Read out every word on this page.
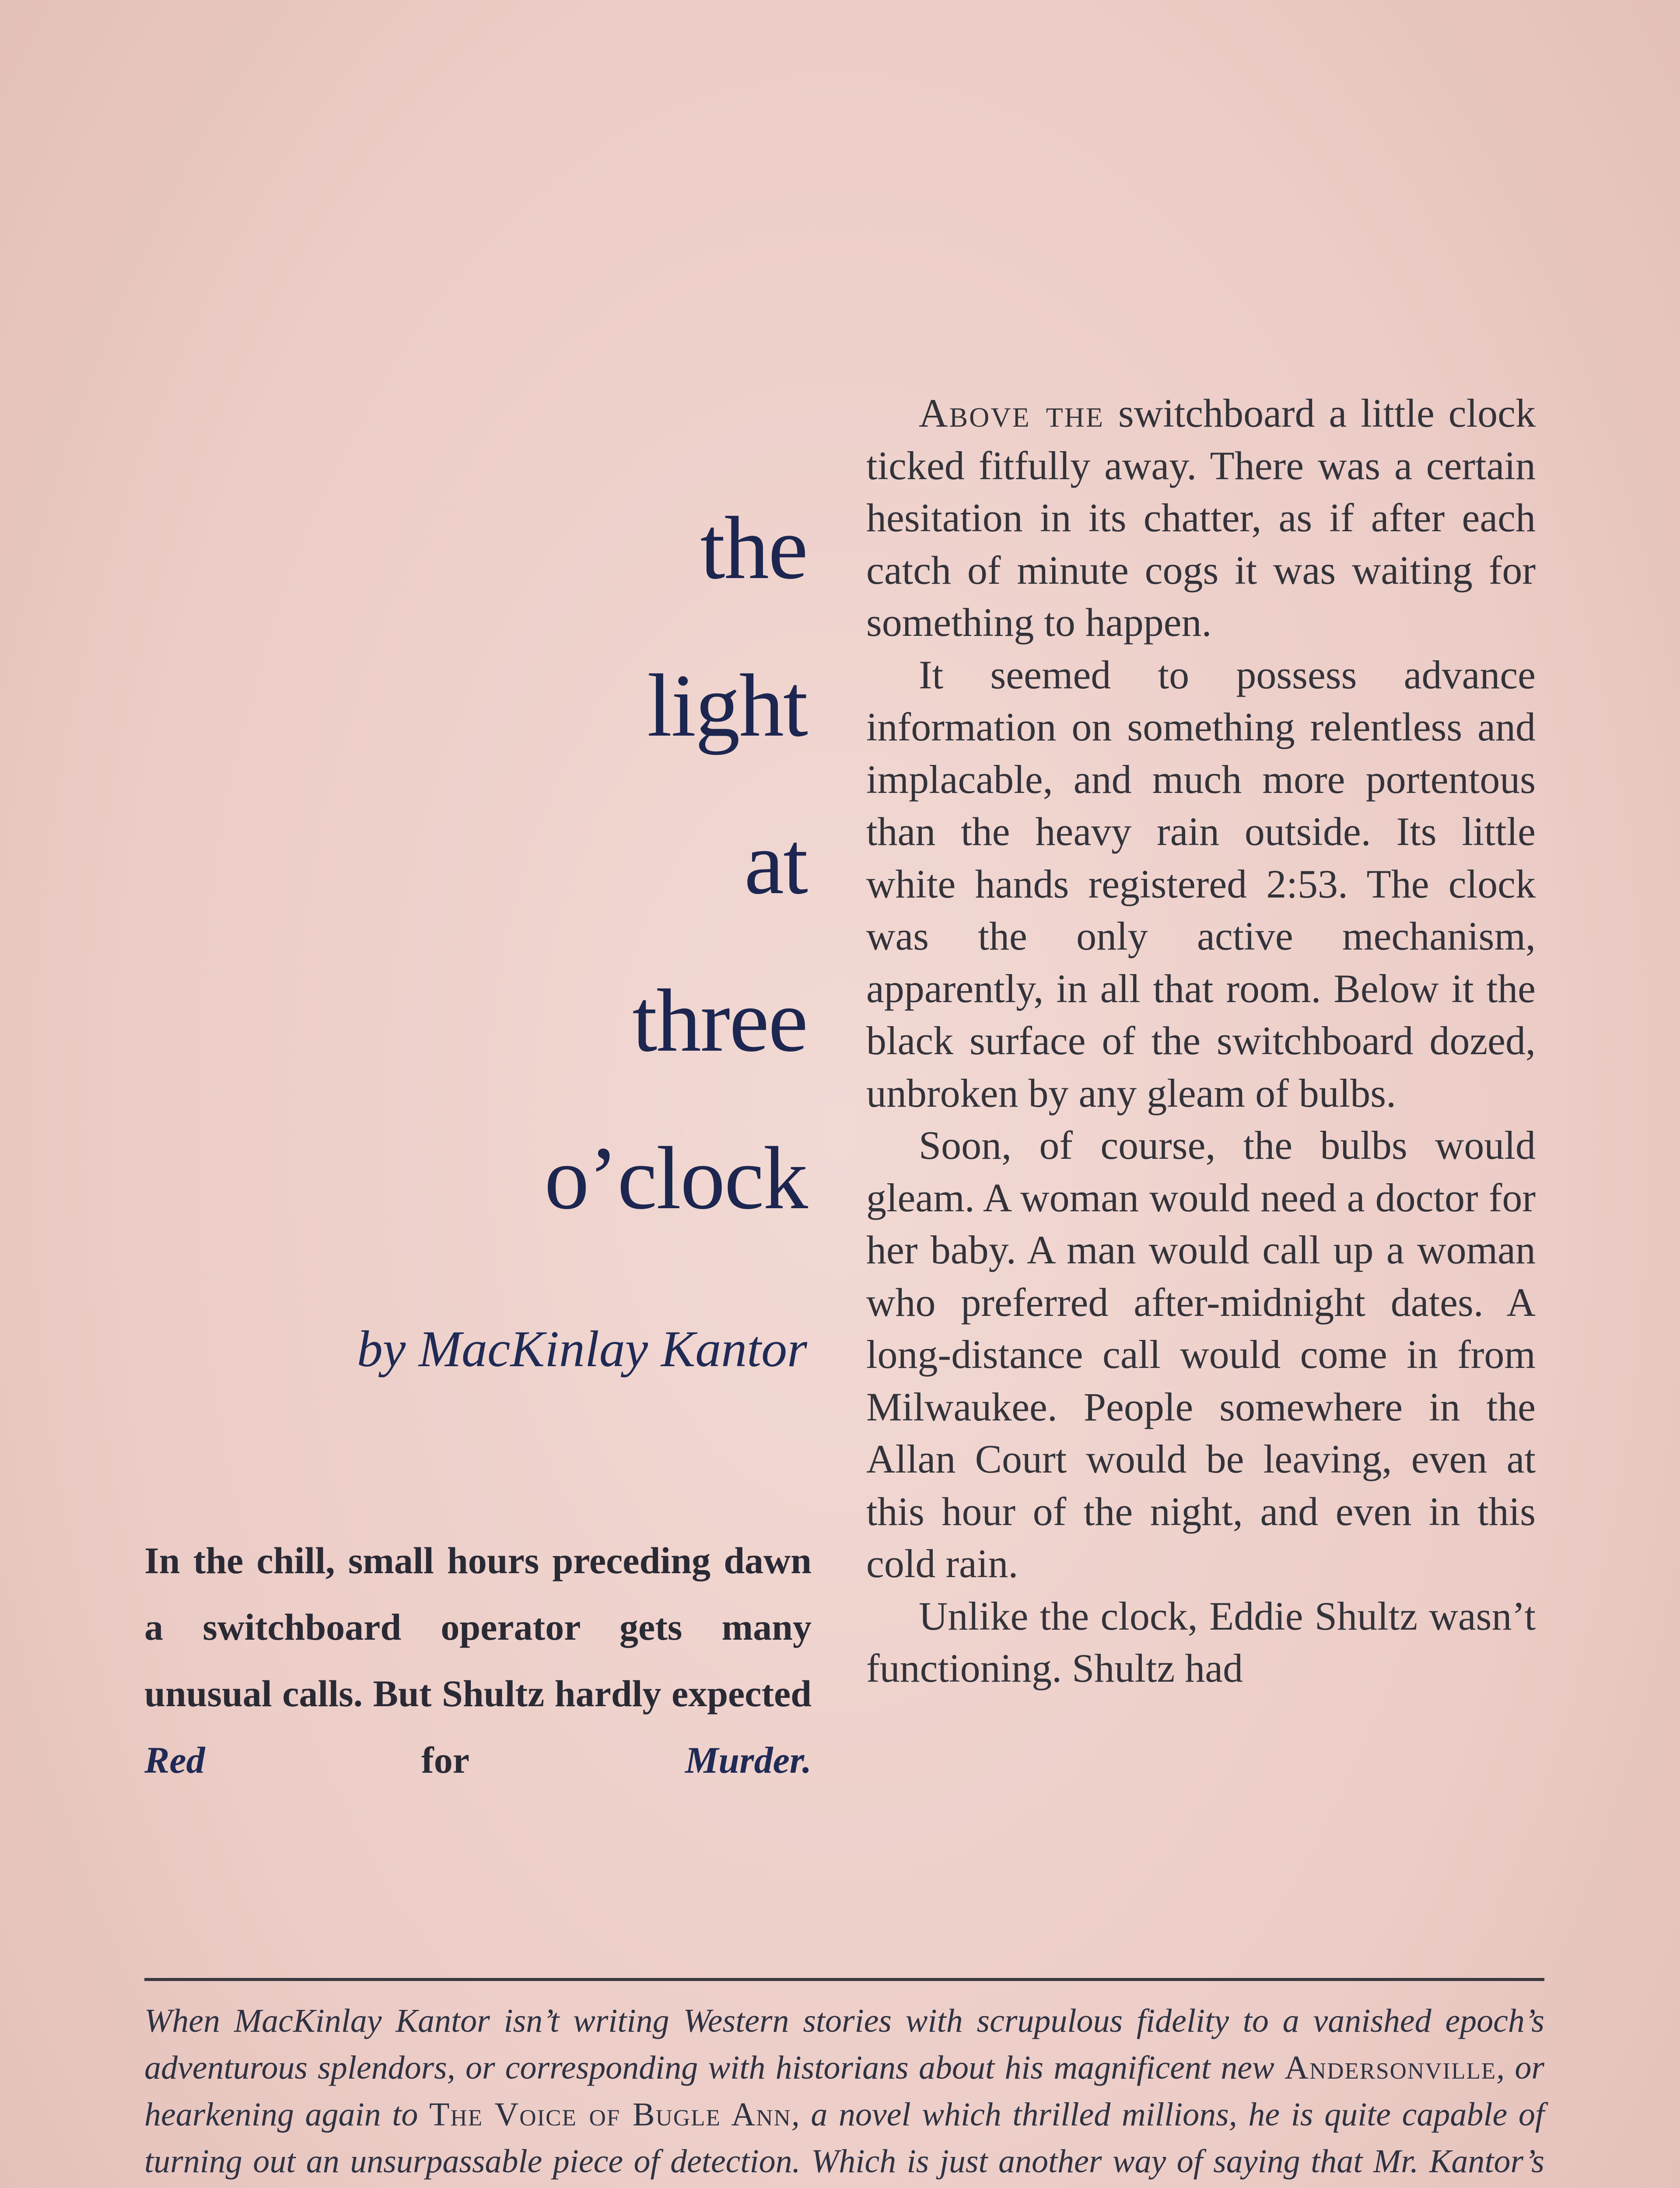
the
light
at
three
o’clock
by MacKinlay Kantor
In the chill, small hours preceding dawn a switchboard operator gets many unusual calls. But Shultz hardly expected Red for Murder.

Above the switchboard a little clock ticked fitfully away. There was a certain hesitation in its chatter, as if after each catch of minute cogs it was waiting for something to happen.

It seemed to possess advance information on something relentless and implacable, and much more portentous than the heavy rain outside. Its little white hands registered 2:53. The clock was the only active mechanism, apparently, in all that room. Below it the black surface of the switchboard dozed, unbroken by any gleam of bulbs.

Soon, of course, the bulbs would gleam. A woman would need a doctor for her baby. A man would call up a woman who preferred after-midnight dates. A long-distance call would come in from Milwaukee. People somewhere in the Allan Court would be leaving, even at this hour of the night, and even in this cold rain.

Unlike the clock, Eddie Shultz wasn’t functioning. Shultz had

When MacKinlay Kantor isn’t writing Western stories with scrupulous fidelity to a vanished epoch’s adventurous splendors, or corresponding with historians about his magnificent new Andersonville, or hearkening again to The Voice of Bugle Ann, a novel which thrilled millions, he is quite capable of turning out an unsurpassable piece of detection. Which is just another way of saying that Mr. Kantor’s
